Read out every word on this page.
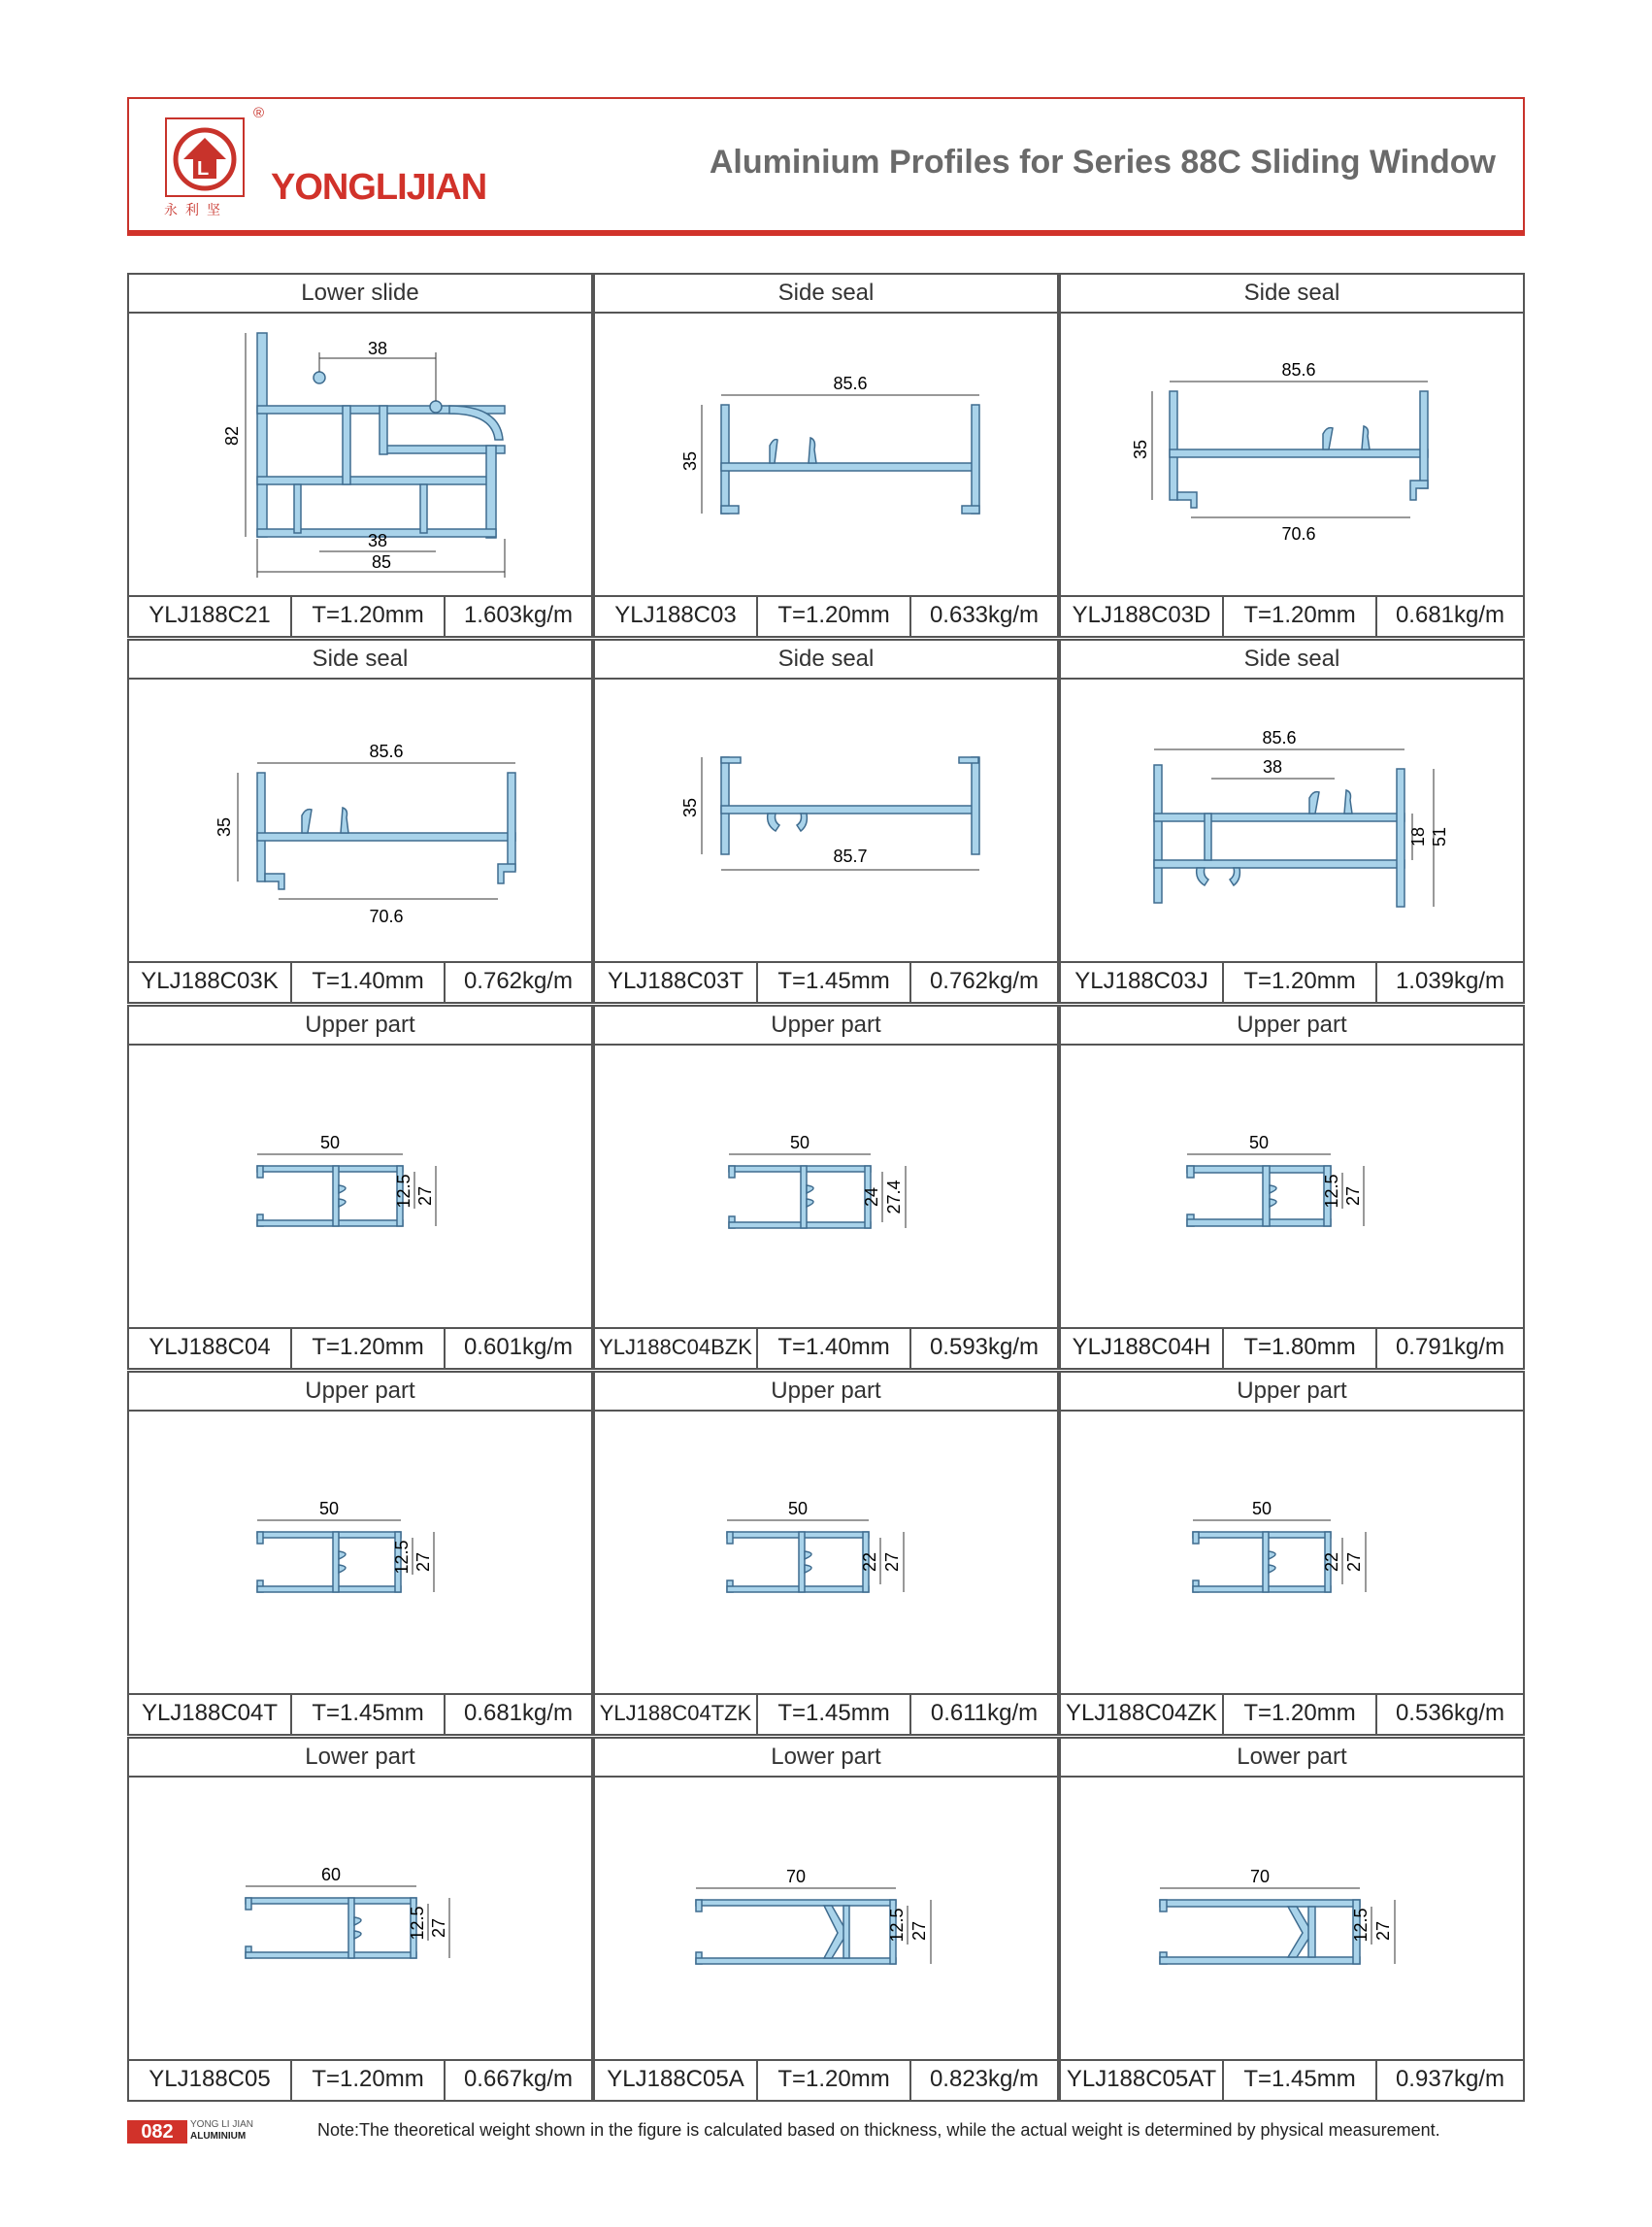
L
®
永利坚
YONGLIJIAN
Aluminium Profiles for Series 88C Sliding Window
Lower slide
38
82
38
85
YLJ188C21	T=1.20mm	1.603kg/m
Side seal
85.6
35
YLJ188C03	T=1.20mm	0.633kg/m
Side seal
85.6
35
70.6
YLJ188C03D	T=1.20mm	0.681kg/m
Side seal
85.6
35
70.6
YLJ188C03K	T=1.40mm	0.762kg/m
Side seal
35
85.7
YLJ188C03T	T=1.45mm	0.762kg/m
Side seal
85.6
38
18 51
YLJ188C03J	T=1.20mm	1.039kg/m
Upper part
50
12.5 27
YLJ188C04	T=1.20mm	0.601kg/m
Upper part
50
24 27.4
YLJ188C04BZK	T=1.40mm	0.593kg/m
Upper part
50
12.5 27
YLJ188C04H	T=1.80mm	0.791kg/m
Upper part
50
12.5 27
YLJ188C04T	T=1.45mm	0.681kg/m
Upper part
50
22 27
YLJ188C04TZK	T=1.45mm	0.611kg/m
Upper part
50
22 27
YLJ188C04ZK	T=1.20mm	0.536kg/m
Lower part
60
12.5 27
YLJ188C05	T=1.20mm	0.667kg/m
Lower part
70
12.5 27
YLJ188C05A	T=1.20mm	0.823kg/m
Lower part
70
12.5 27
YLJ188C05AT	T=1.45mm	0.937kg/m
082	YONG LI JIAN
ALUMINIUM	Note:The theoretical weight shown in the figure is calculated based on thickness, while the actual weight is determined by physical measurement.
